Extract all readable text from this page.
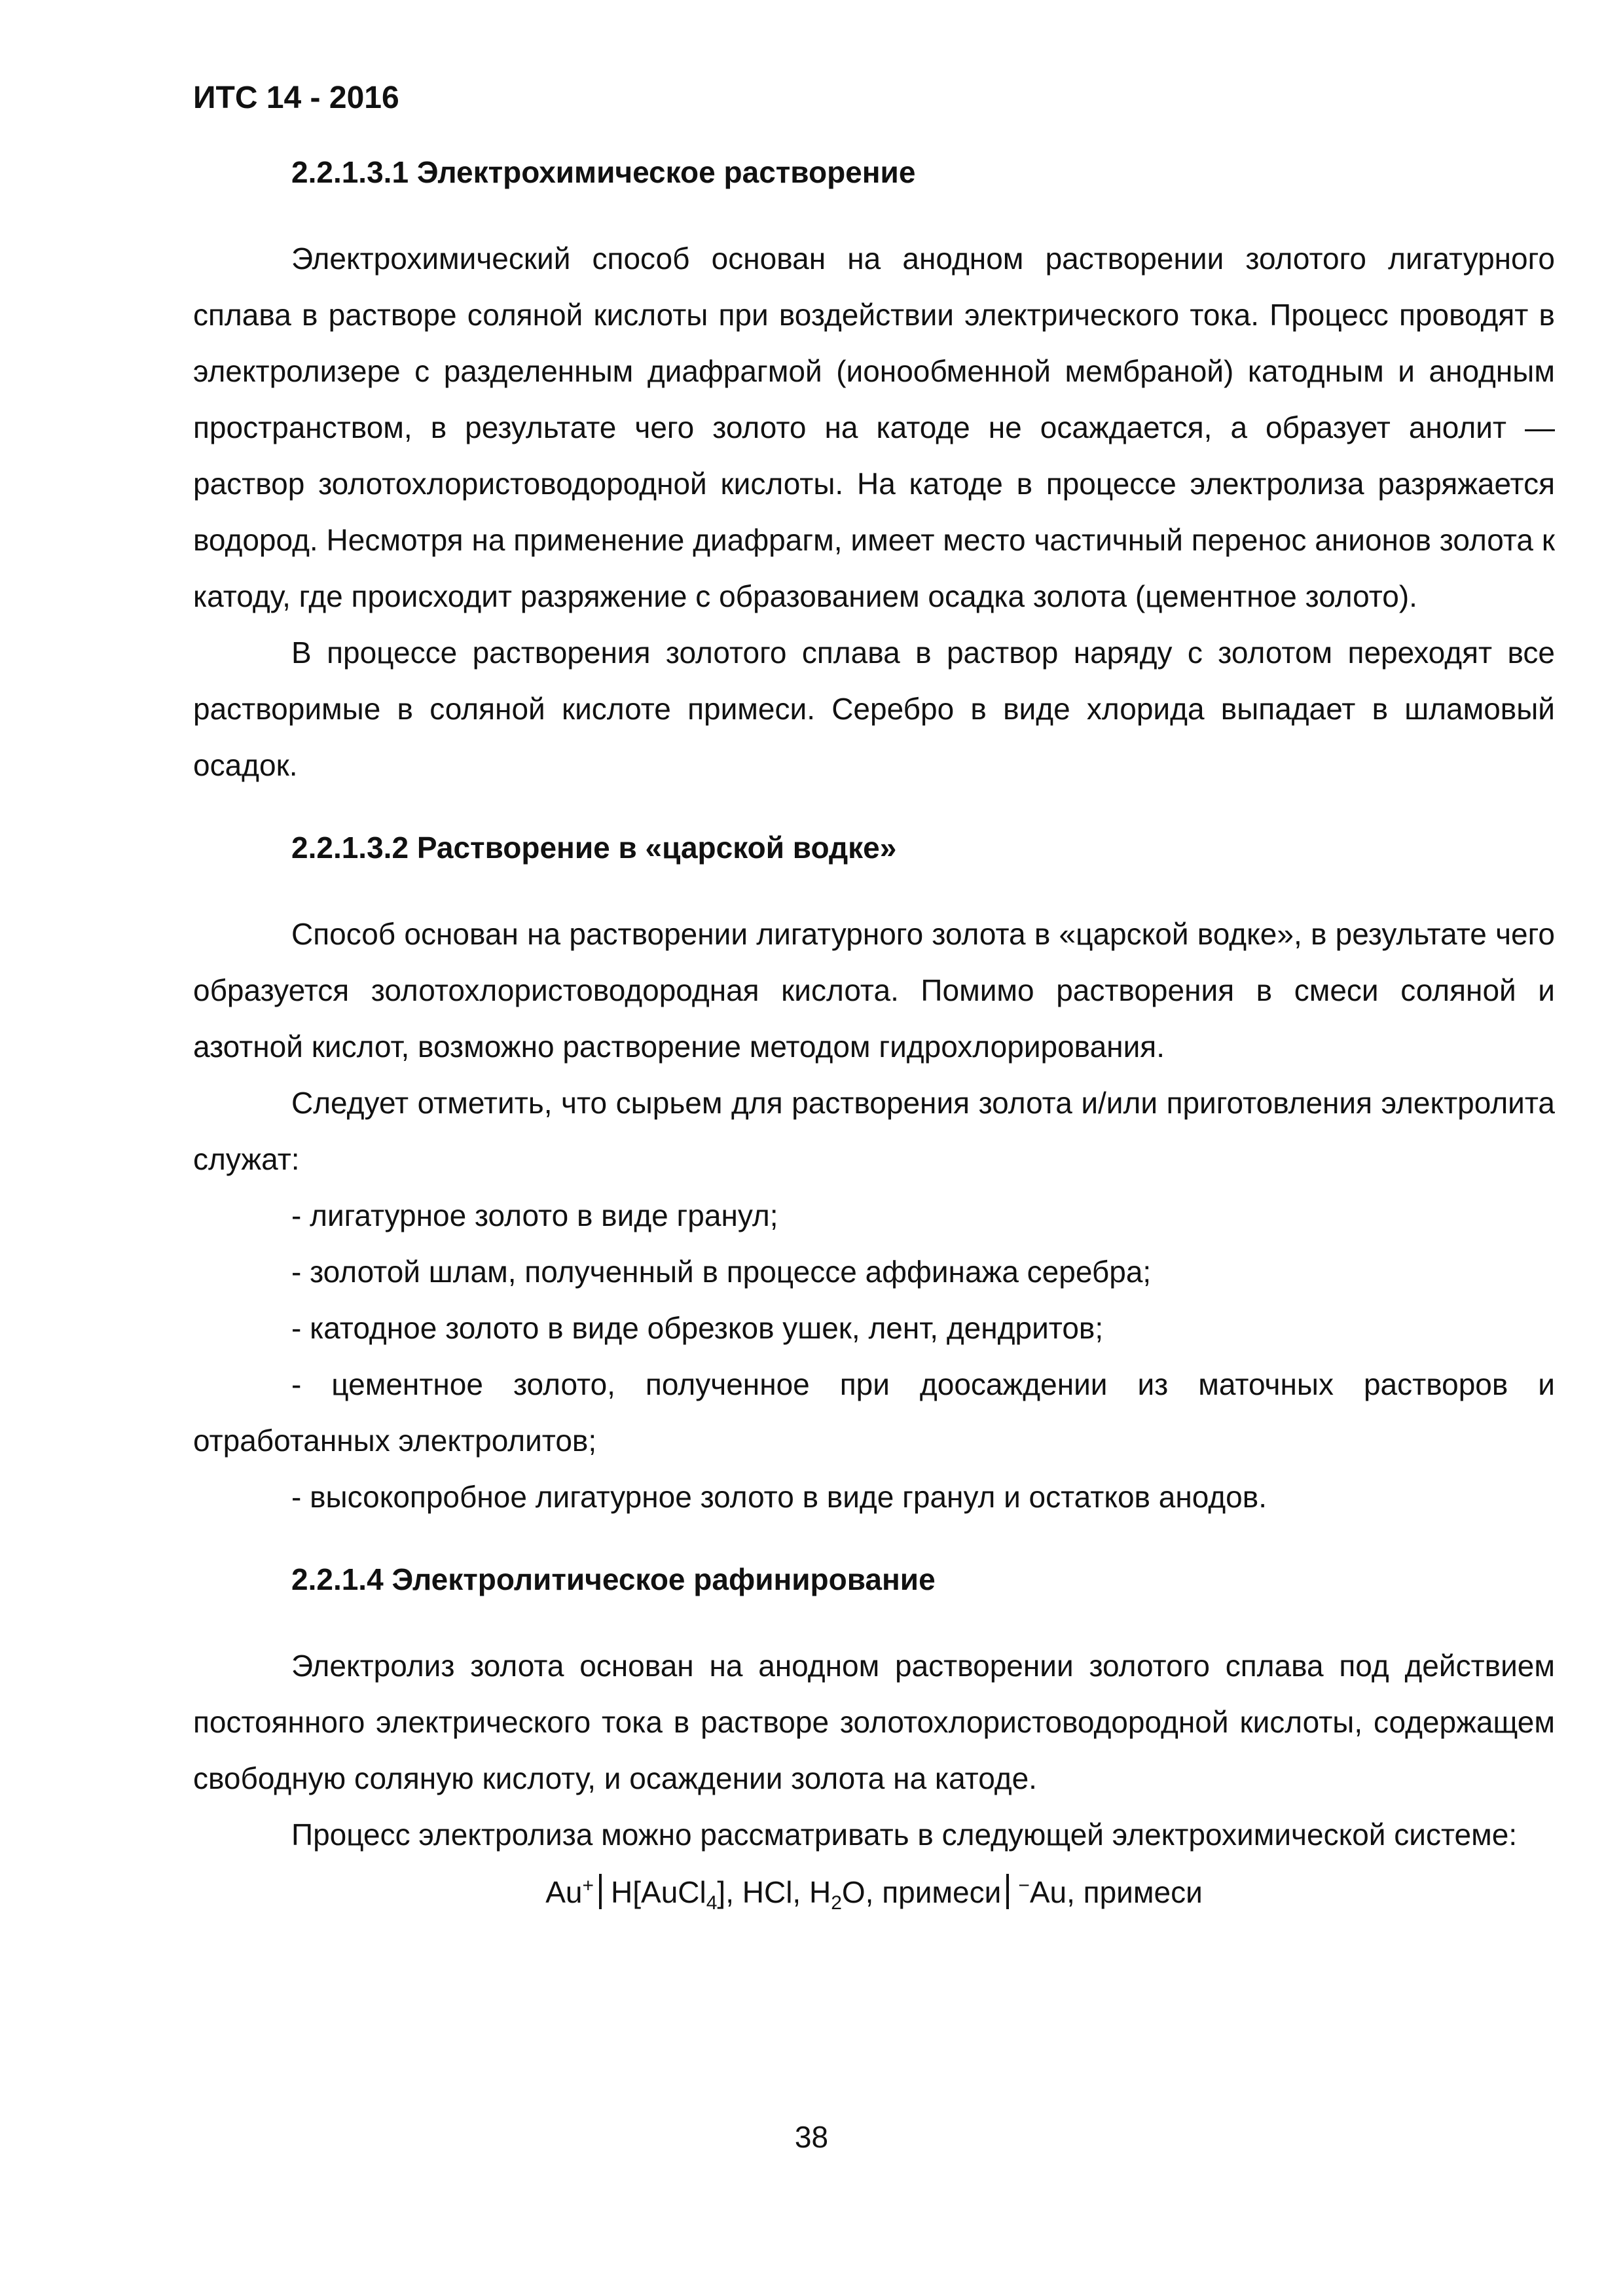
ИТС 14 - 2016
2.2.1.3.1 Электрохимическое растворение

Электрохимический способ основан на анодном растворении золотого лигатурного сплава в растворе соляной кислоты при воздействии электрического тока. Процесс проводят в электролизере с разделенным диафрагмой (ионообменной мембраной) катодным и анодным пространством, в результате чего золото на катоде не осаждается, а образует анолит — раствор золотохлористоводородной кислоты. На катоде в процессе электролиза разряжается водород. Несмотря на применение диафрагм, имеет место частичный перенос анионов золота к катоду, где происходит разряжение с образованием осадка золота (цементное золото).

В процессе растворения золотого сплава в раствор наряду с золотом переходят все растворимые в соляной кислоте примеси. Серебро в виде хлорида выпадает в шламовый осадок.

2.2.1.3.2 Растворение в «царской водке»

Способ основан на растворении лигатурного золота в «царской водке», в результате чего образуется золотохлористоводородная кислота. Помимо растворения в смеси соляной и азотной кислот, возможно растворение методом гидрохлорирования.

Следует отметить, что сырьем для растворения золота и/или приготовления электролита служат:

- лигатурное золото в виде гранул;

- золотой шлам, полученный в процессе аффинажа серебра;

- катодное золото в виде обрезков ушек, лент, дендритов;

- цементное золото, полученное при доосаждении из маточных растворов и отработанных электролитов;

- высокопробное лигатурное золото в виде гранул и остатков анодов.

2.2.1.4 Электролитическое рафинирование

Электролиз золота основан на анодном растворении золотого сплава под действием постоянного электрического тока в растворе золотохлористоводородной кислоты, содержащем свободную соляную кислоту, и осаждении золота на катоде.

Процесс электролиза можно рассматривать в следующей электрохимической системе:

Au+ H[AuCl$_4$], HCl, $H_2O$, примеси −Au, примеси
38
